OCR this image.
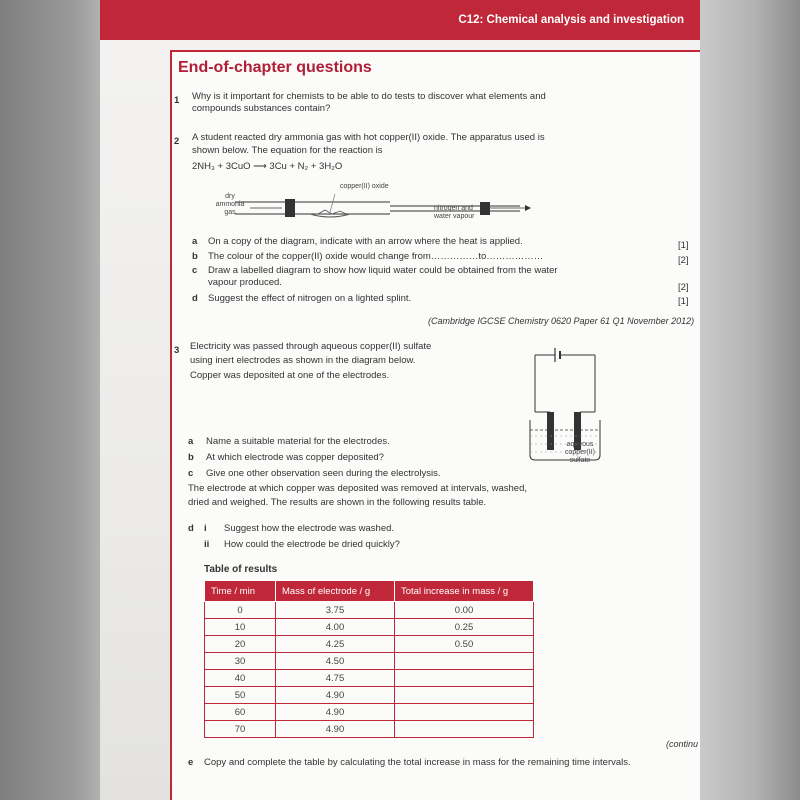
C12: Chemical analysis and investigation
End-of-chapter questions
1 Why is it important for chemists to be able to do tests to discover what elements and compounds substances contain?
2 A student reacted dry ammonia gas with hot copper(II) oxide. The apparatus used is
shown below. The equation for the reaction is
2NH₃ + 3CuO ⟶ 3Cu + N₂ + 3H₂O
dry ammonia gas
copper(II) oxide
nitrogen and water vapour
a On a copy of the diagram, indicate with an arrow where the heat is applied.	[1]
b The colour of the copper(II) oxide would change from……………to………………	[2]
c Draw a labelled diagram to show how liquid water could be obtained from the water
vapour produced.	[2]
d Suggest the effect of nitrogen on a lighted splint.	[1]
(Cambridge IGCSE Chemistry 0620 Paper 61 Q1 November 2012)
3 Electricity was passed through aqueous copper(II) sulfate
using inert electrodes as shown in the diagram below.
Copper was deposited at one of the electrodes.
aqueous copper(II) sulfate
a Name a suitable material for the electrodes.
b At which electrode was copper deposited?
c Give one other observation seen during the electrolysis.
The electrode at which copper was deposited was removed at intervals, washed,
dried and weighed. The results are shown in the following results table.
d i Suggest how the electrode was washed.
ii How could the electrode be dried quickly?
Table of results
Time / min	Mass of electrode / g	Total increase in mass / g
0	3.75	0.00
10	4.00	0.25
20	4.25	0.50
30	4.50	
40	4.75	
50	4.90	
60	4.90	
70	4.90	
e Copy and complete the table by calculating the total increase in mass for the remaining time intervals.
(continu
